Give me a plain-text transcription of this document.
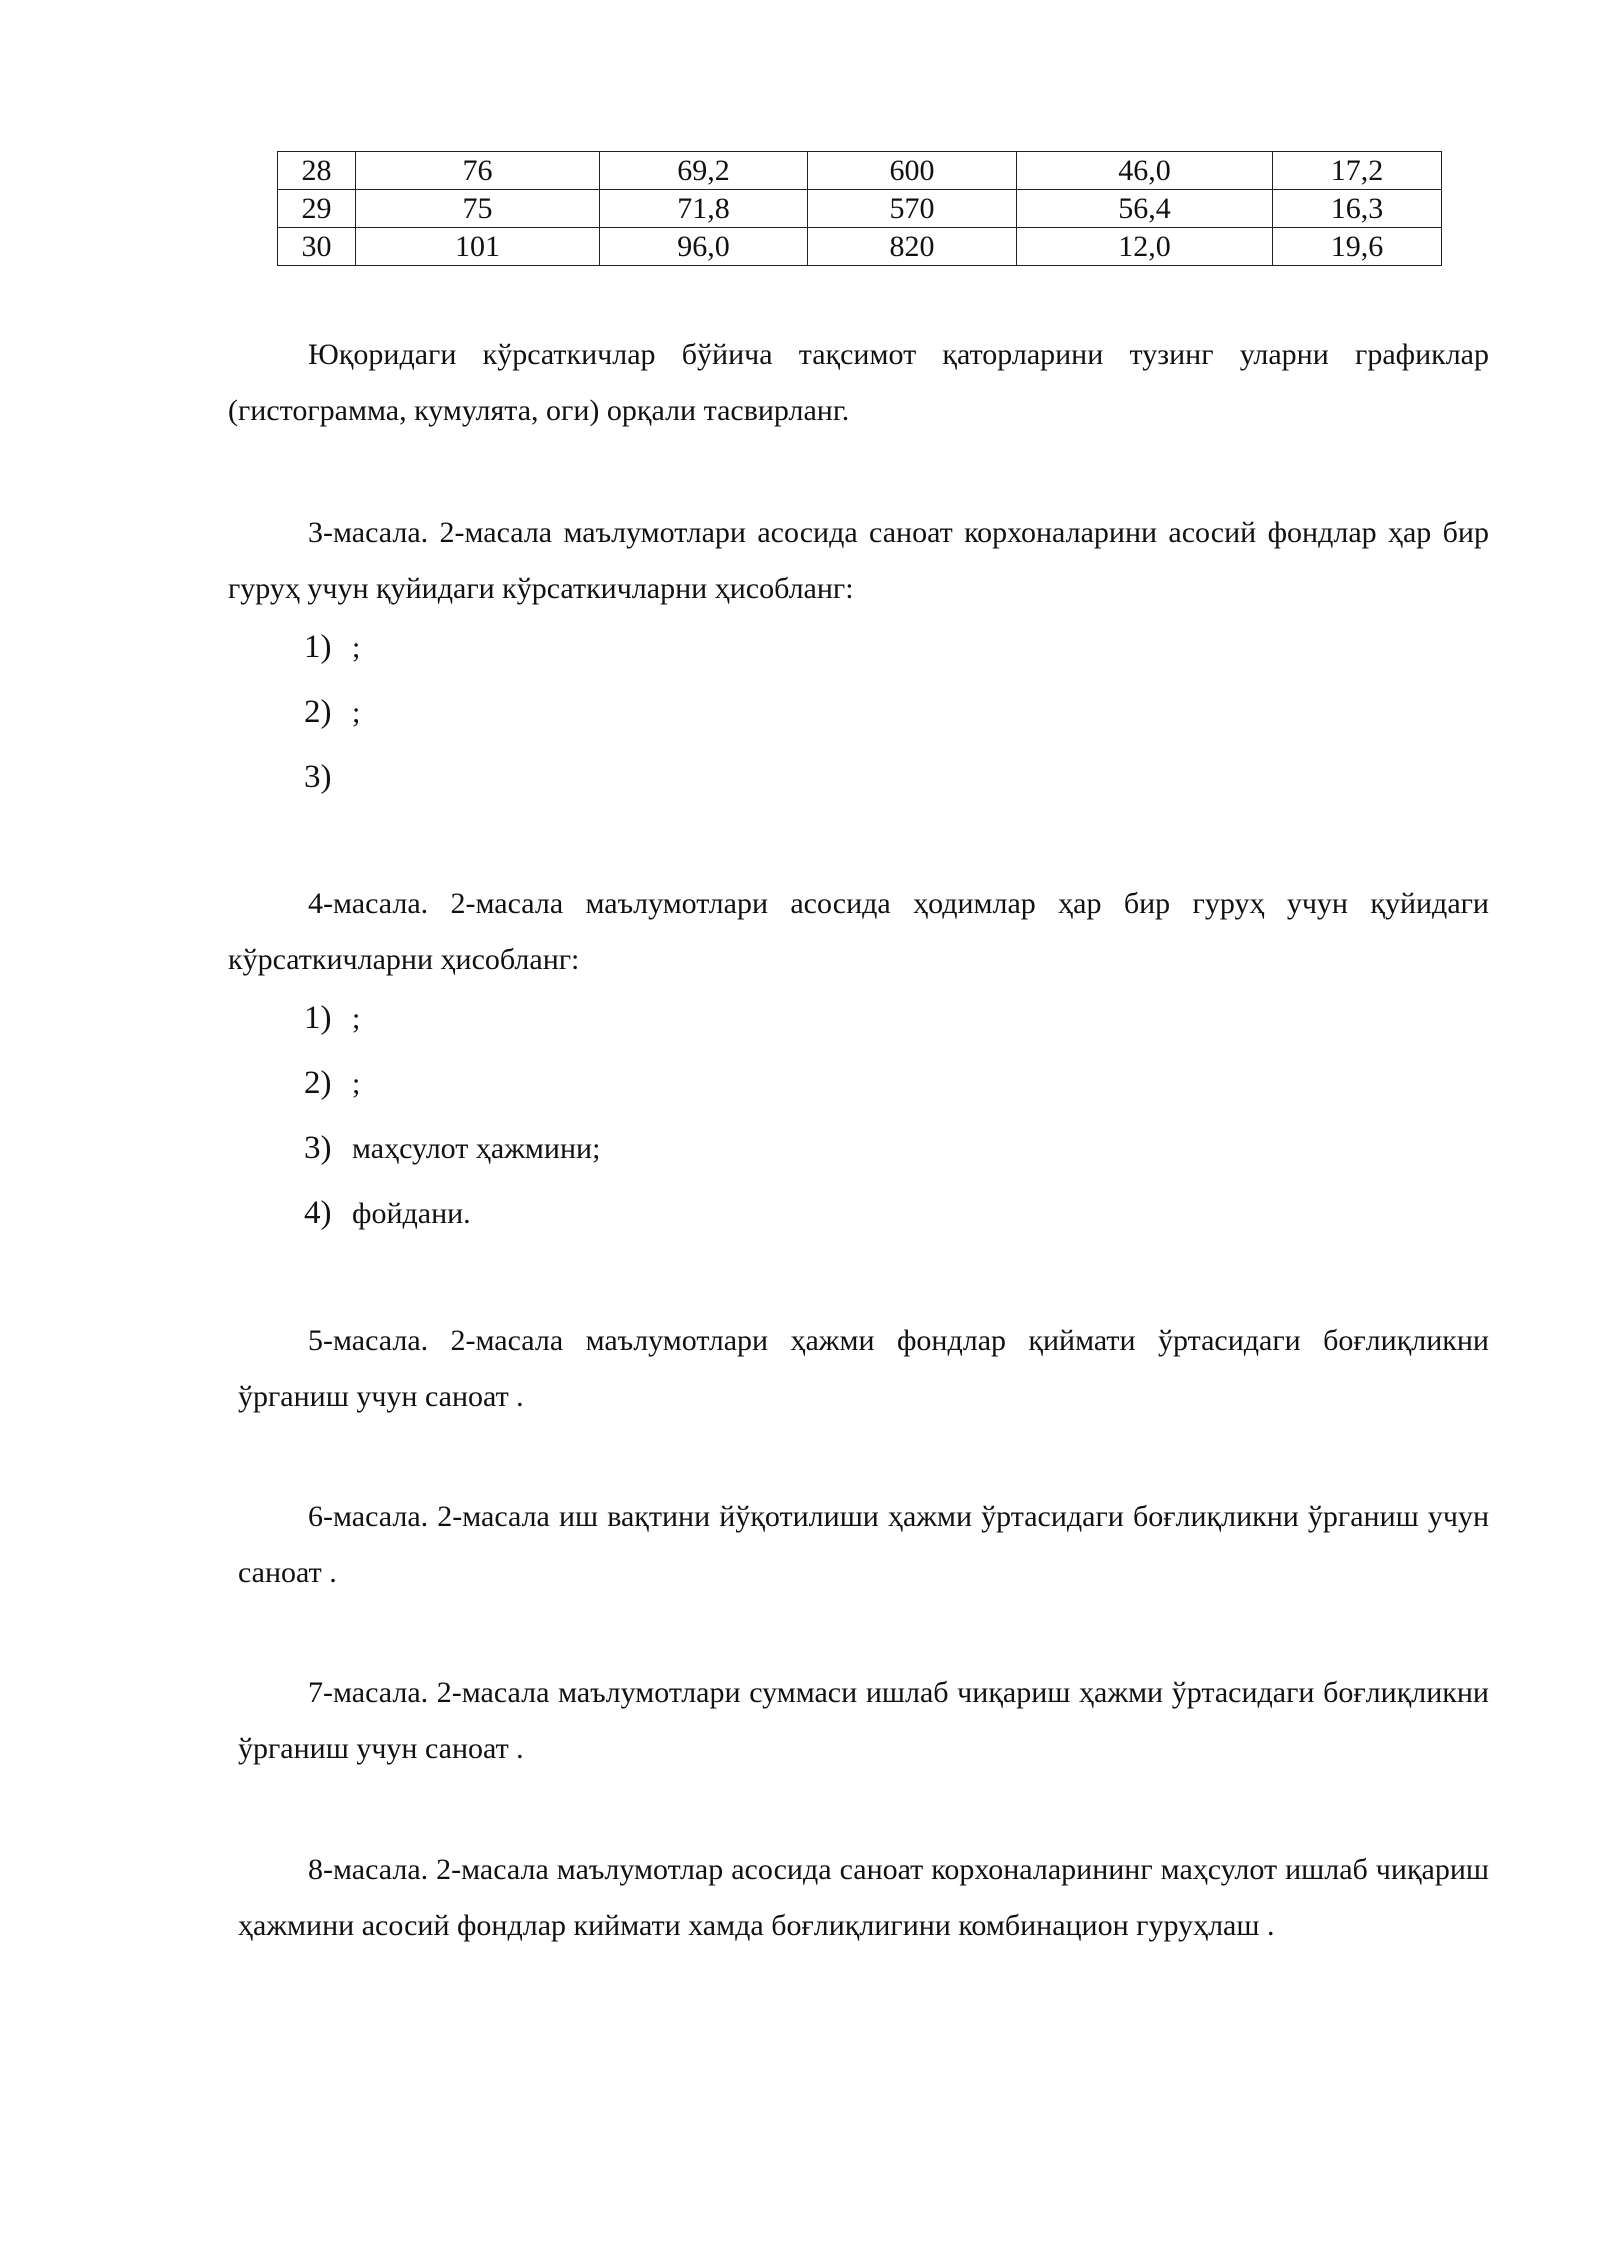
28	76	69,2	600	46,0	17,2
29	75	71,8	570	56,4	16,3
30	101	96,0	820	12,0	19,6

Юқоридаги кўрсаткичлар бўйича тақсимот қаторларини тузинг уларни графиклар (гистограмма, кумулята, оги) орқали тасвирланг.

3-масала. 2-масала маълумотлари асосида саноат корхоналарини асосий фондлар ҳар бир гуруҳ учун қуйидаги кўрсаткичларни ҳисобланг:

1) ;
2) ;
3)

4-масала. 2-масала маълумотлари асосида ҳодимлар ҳар бир гуруҳ учун қуйидаги кўрсаткичларни ҳисобланг:

1) ;
2) ;
3) маҳсулот ҳажмини;
4) фойдани.

5-масала. 2-масала маълумотлари ҳажми фондлар қиймати ўртасидаги боғлиқликни ўрганиш учун саноат .

6-масала. 2-масала иш вақтини йўқотилиши ҳажми ўртасидаги боғлиқликни ўрганиш учун саноат .

7-масала. 2-масала маълумотлари суммаси ишлаб чиқариш ҳажми ўртасидаги боғлиқликни ўрганиш учун саноат .

8-масала. 2-масала маълумотлар асосида саноат корхоналарининг маҳсулот ишлаб чиқариш ҳажмини асосий фондлар киймати хамда боғлиқлигини комбинацион гуруҳлаш .
